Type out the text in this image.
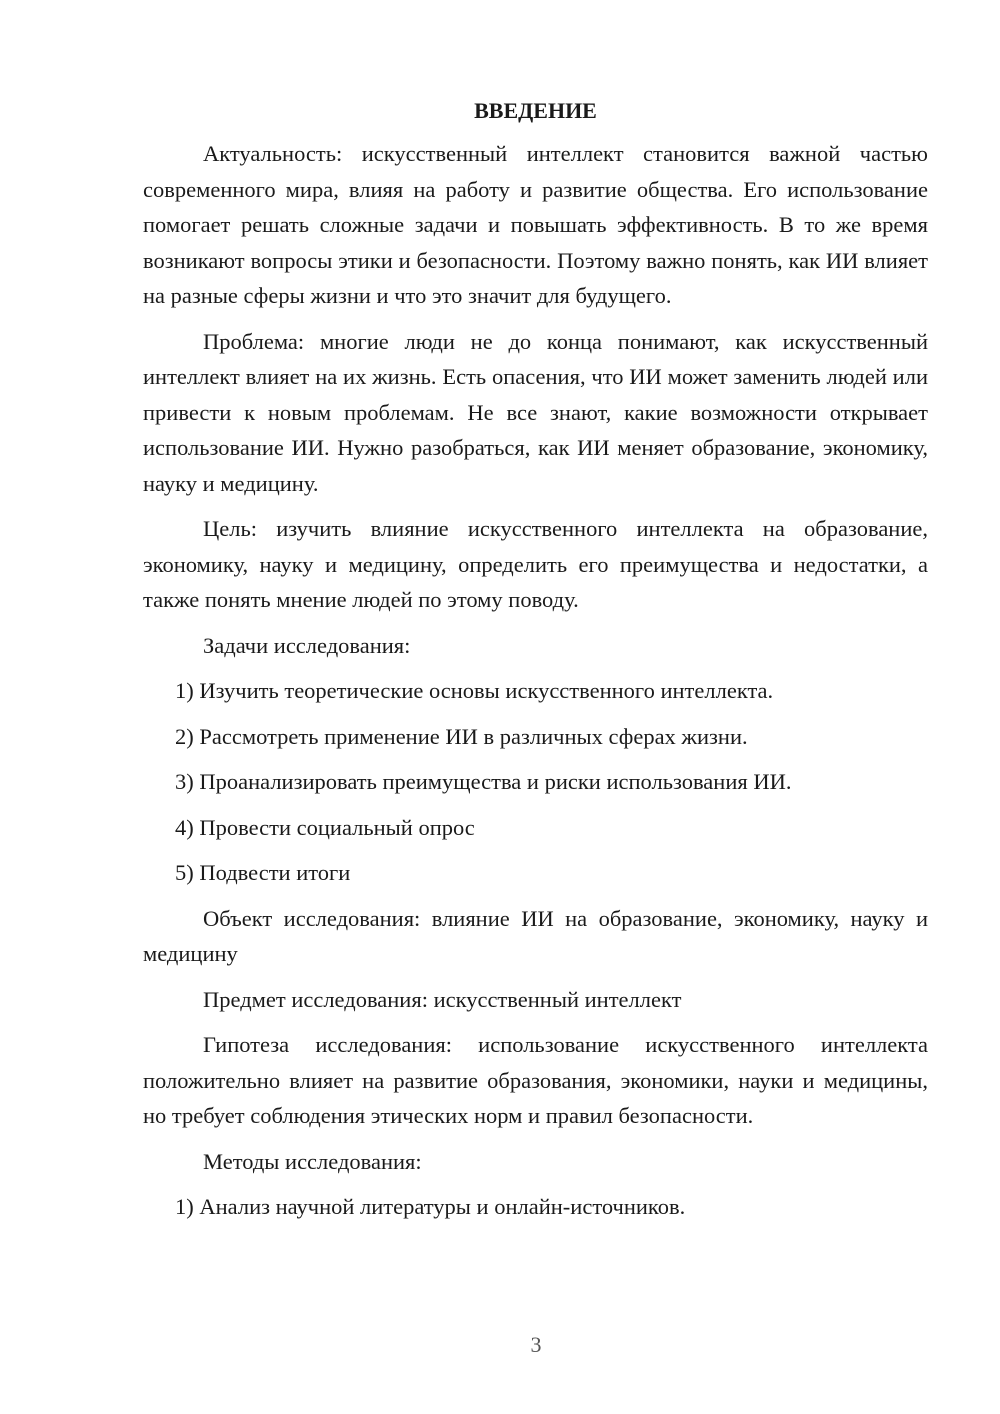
ВВЕДЕНИЕ
Актуальность: искусственный интеллект становится важной частью современного мира, влияя на работу и развитие общества. Его использование помогает решать сложные задачи и повышать эффективность. В то же время возникают вопросы этики и безопасности. Поэтому важно понять, как ИИ влияет на разные сферы жизни и что это значит для будущего.
Проблема: многие люди не до конца понимают, как искусственный интеллект влияет на их жизнь. Есть опасения, что ИИ может заменить людей или привести к новым проблемам. Не все знают, какие возможности открывает использование ИИ. Нужно разобраться, как ИИ меняет образование, экономику, науку и медицину.
Цель: изучить влияние искусственного интеллекта на образование, экономику, науку и медицину, определить его преимущества и недостатки, а также понять мнение людей по этому поводу.
Задачи исследования:
1) Изучить теоретические основы искусственного интеллекта.
2) Рассмотреть применение ИИ в различных сферах жизни.
3) Проанализировать преимущества и риски использования ИИ.
4) Провести социальный опрос
5) Подвести итоги
Объект исследования: влияние ИИ на образование, экономику, науку и медицину
Предмет исследования: искусственный интеллект
Гипотеза исследования: использование искусственного интеллекта положительно влияет на развитие образования, экономики, науки и медицины, но требует соблюдения этических норм и правил безопасности.
Методы исследования:
1) Анализ научной литературы и онлайн-источников.
3
